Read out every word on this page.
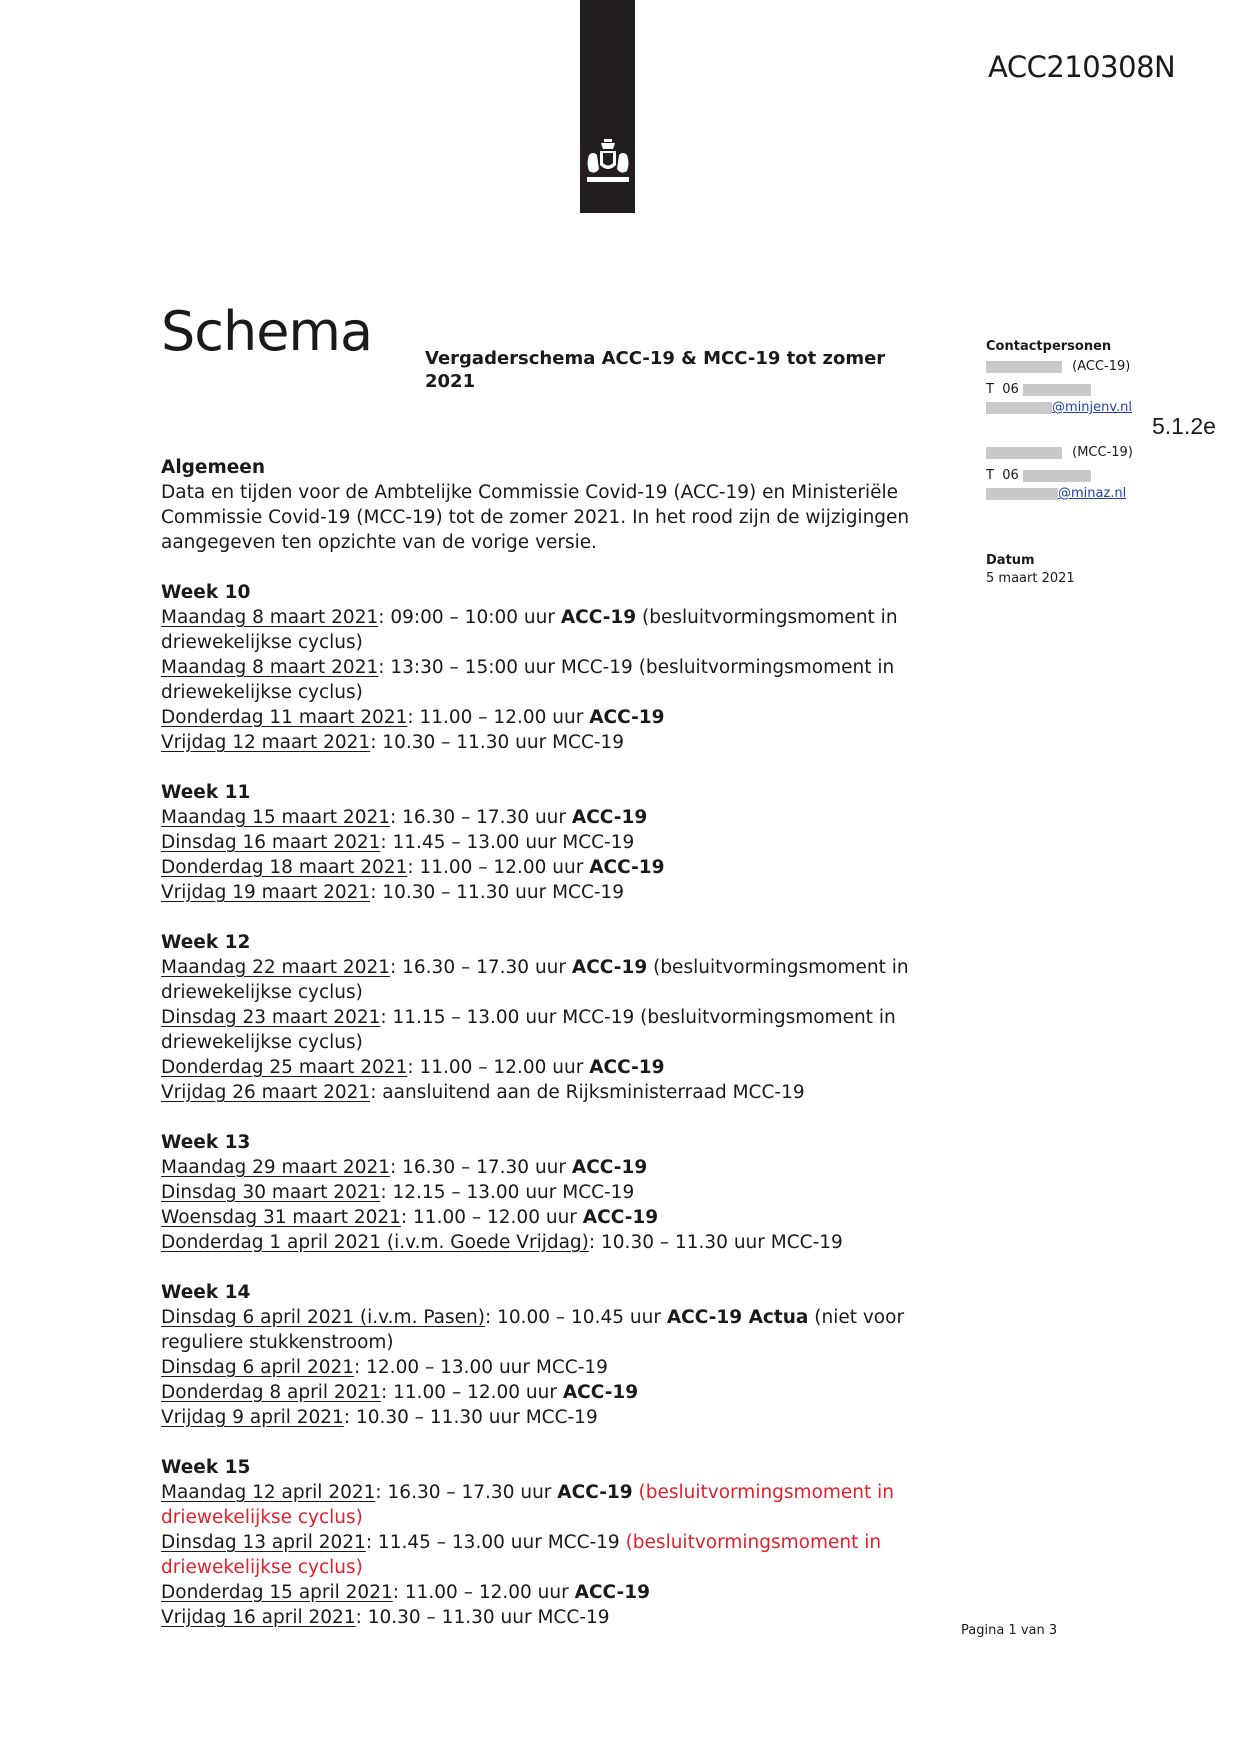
ACC210308N
Schema	Vergaderschema ACC-19 & MCC-19 tot zomer 2021
Contactpersonen
(ACC-19)
T  06
@minjenv.nl
(MCC-19)
T  06
@minaz.nl
Datum
5 maart 2021
5.1.2e
Algemeen

Data en tijden voor de Ambtelijke Commissie Covid-19 (ACC-19) en Ministeriële Commissie Covid-19 (MCC-19) tot de zomer 2021. In het rood zijn de wijzigingen aangegeven ten opzichte van de vorige versie.

Week 10

Maandag 8 maart 2021: 09:00 – 10:00 uur ACC-19 (besluitvormingsmoment in driewekelijkse cyclus)

Maandag 8 maart 2021: 13:30 – 15:00 uur MCC-19 (besluitvormingsmoment in driewekelijkse cyclus)

Donderdag 11 maart 2021: 11.00 – 12.00 uur ACC-19

Vrijdag 12 maart 2021: 10.30 – 11.30 uur MCC-19

Week 11

Maandag 15 maart 2021: 16.30 – 17.30 uur ACC-19

Dinsdag 16 maart 2021: 11.45 – 13.00 uur MCC-19

Donderdag 18 maart 2021: 11.00 – 12.00 uur ACC-19

Vrijdag 19 maart 2021: 10.30 – 11.30 uur MCC-19

Week 12

Maandag 22 maart 2021: 16.30 – 17.30 uur ACC-19 (besluitvormingsmoment in driewekelijkse cyclus)

Dinsdag 23 maart 2021: 11.15 – 13.00 uur MCC-19 (besluitvormingsmoment in driewekelijkse cyclus)

Donderdag 25 maart 2021: 11.00 – 12.00 uur ACC-19

Vrijdag 26 maart 2021: aansluitend aan de Rijksministerraad MCC-19

Week 13

Maandag 29 maart 2021: 16.30 – 17.30 uur ACC-19

Dinsdag 30 maart 2021: 12.15 – 13.00 uur MCC-19

Woensdag 31 maart 2021: 11.00 – 12.00 uur ACC-19

Donderdag 1 april 2021 (i.v.m. Goede Vrijdag): 10.30 – 11.30 uur MCC-19

Week 14

Dinsdag 6 april 2021 (i.v.m. Pasen): 10.00 – 10.45 uur ACC-19 Actua (niet voor reguliere stukkenstroom)

Dinsdag 6 april 2021: 12.00 – 13.00 uur MCC-19

Donderdag 8 april 2021: 11.00 – 12.00 uur ACC-19

Vrijdag 9 april 2021: 10.30 – 11.30 uur MCC-19

Week 15

Maandag 12 april 2021: 16.30 – 17.30 uur ACC-19 (besluitvormingsmoment in driewekelijkse cyclus)

Dinsdag 13 april 2021: 11.45 – 13.00 uur MCC-19 (besluitvormingsmoment in driewekelijkse cyclus)

Donderdag 15 april 2021: 11.00 – 12.00 uur ACC-19

Vrijdag 16 april 2021: 10.30 – 11.30 uur MCC-19

Pagina 1 van 3
